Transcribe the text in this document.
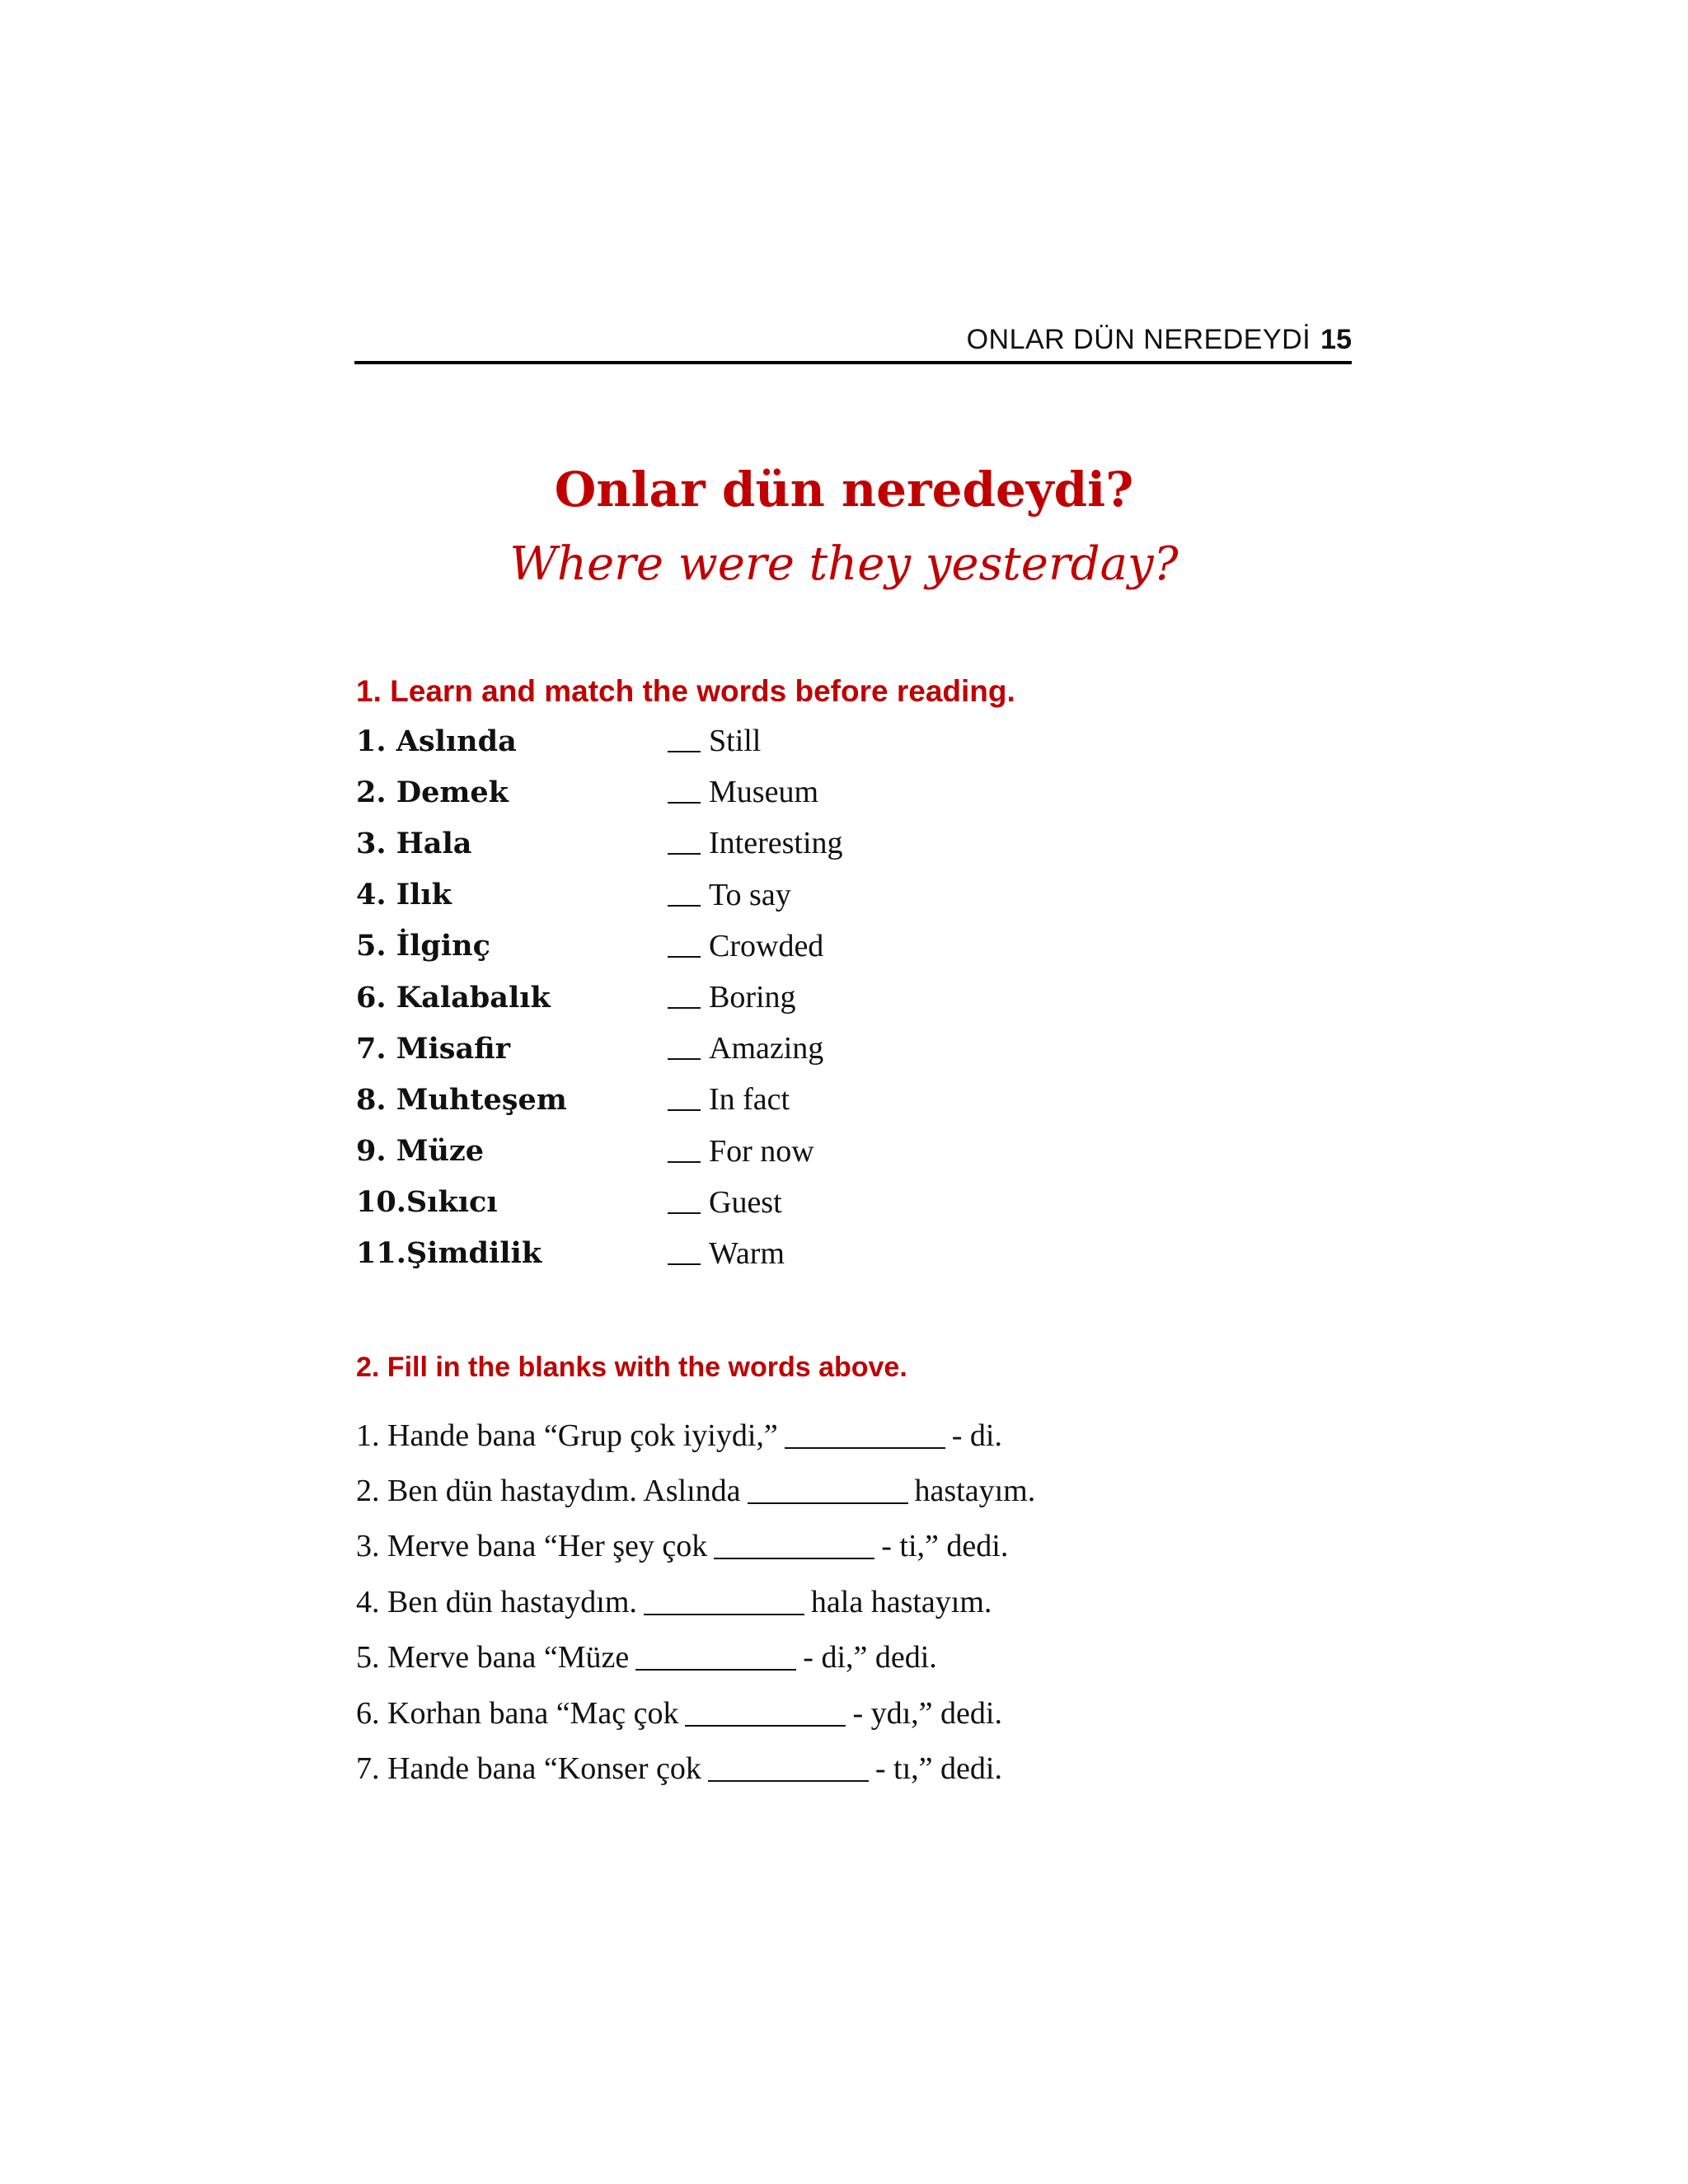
ONLAR DÜN NEREDEYDİ 15
Onlar dün neredeydi?
Where were they yesterday?
1. Learn and match the words before reading.
1. Aslında	Still
2. Demek	Museum
3. Hala	Interesting
4. Ilık	To say
5. İlginç	Crowded
6. Kalabalık	Boring
7. Misafir	Amazing
8. Muhteşem	In fact
9. Müze	For now
10.Sıkıcı	Guest
11.Şimdilik	Warm
2. Fill in the blanks with the words above.
1. Hande bana “Grup çok iyiydi,”	- di.
2. Ben dün hastaydım. Aslında	hastayım.
3. Merve bana “Her şey çok	- ti,” dedi.
4. Ben dün hastaydım.	hala hastayım.
5. Merve bana “Müze	- di,” dedi.
6. Korhan bana “Maç çok	- ydı,” dedi.
7. Hande bana “Konser çok	- tı,” dedi.
